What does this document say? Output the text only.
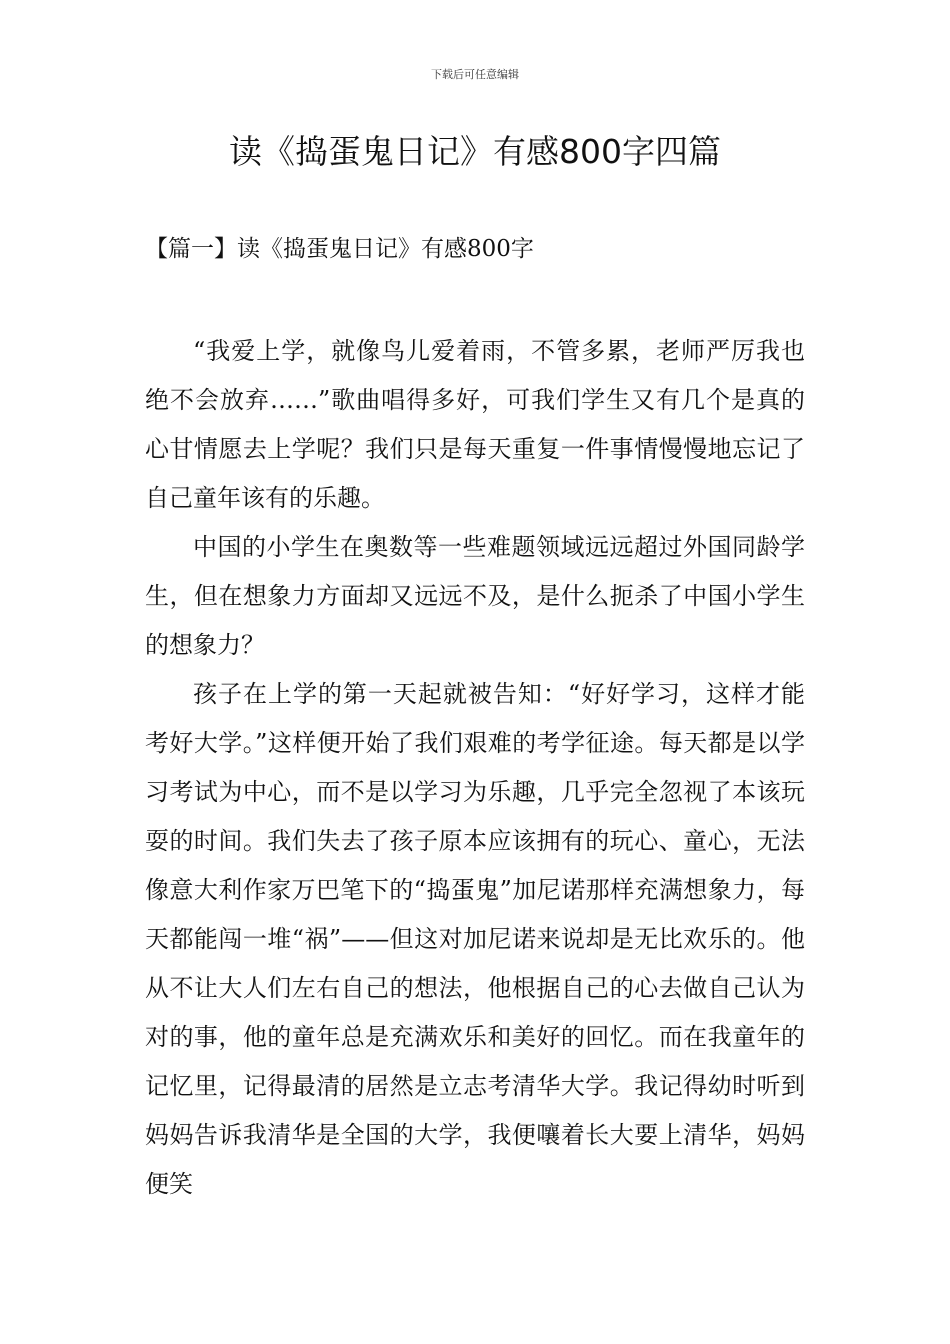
下载后可任意编辑
读《捣蛋鬼日记》有感800字四篇
【篇一】读《捣蛋鬼日记》有感800字

“我爱上学，就像鸟儿爱着雨，不管多累，老师严厉我也绝不会放弃……”歌曲唱得多好，可我们学生又有几个是真的心甘情愿去上学呢？我们只是每天重复一件事情慢慢地忘记了自己童年该有的乐趣。

中国的小学生在奥数等一些难题领域远远超过外国同龄学生，但在想象力方面却又远远不及，是什么扼杀了中国小学生的想象力？

孩子在上学的第一天起就被告知：“好好学习，这样才能考好大学。”这样便开始了我们艰难的考学征途。每天都是以学习考试为中心，而不是以学习为乐趣，几乎完全忽视了本该玩耍的时间。我们失去了孩子原本应该拥有的玩心、童心，无法像意大利作家万巴笔下的“捣蛋鬼”加尼诺那样充满想象力，每天都能闯一堆“祸”——但这对加尼诺来说却是无比欢乐的。他从不让大人们左右自己的想法，他根据自己的心去做自己认为对的事，他的童年总是充满欢乐和美好的回忆。而在我童年的记忆里，记得最清的居然是立志考清华大学。我记得幼时听到妈妈告诉我清华是全国的大学，我便嚷着长大要上清华，妈妈便笑
